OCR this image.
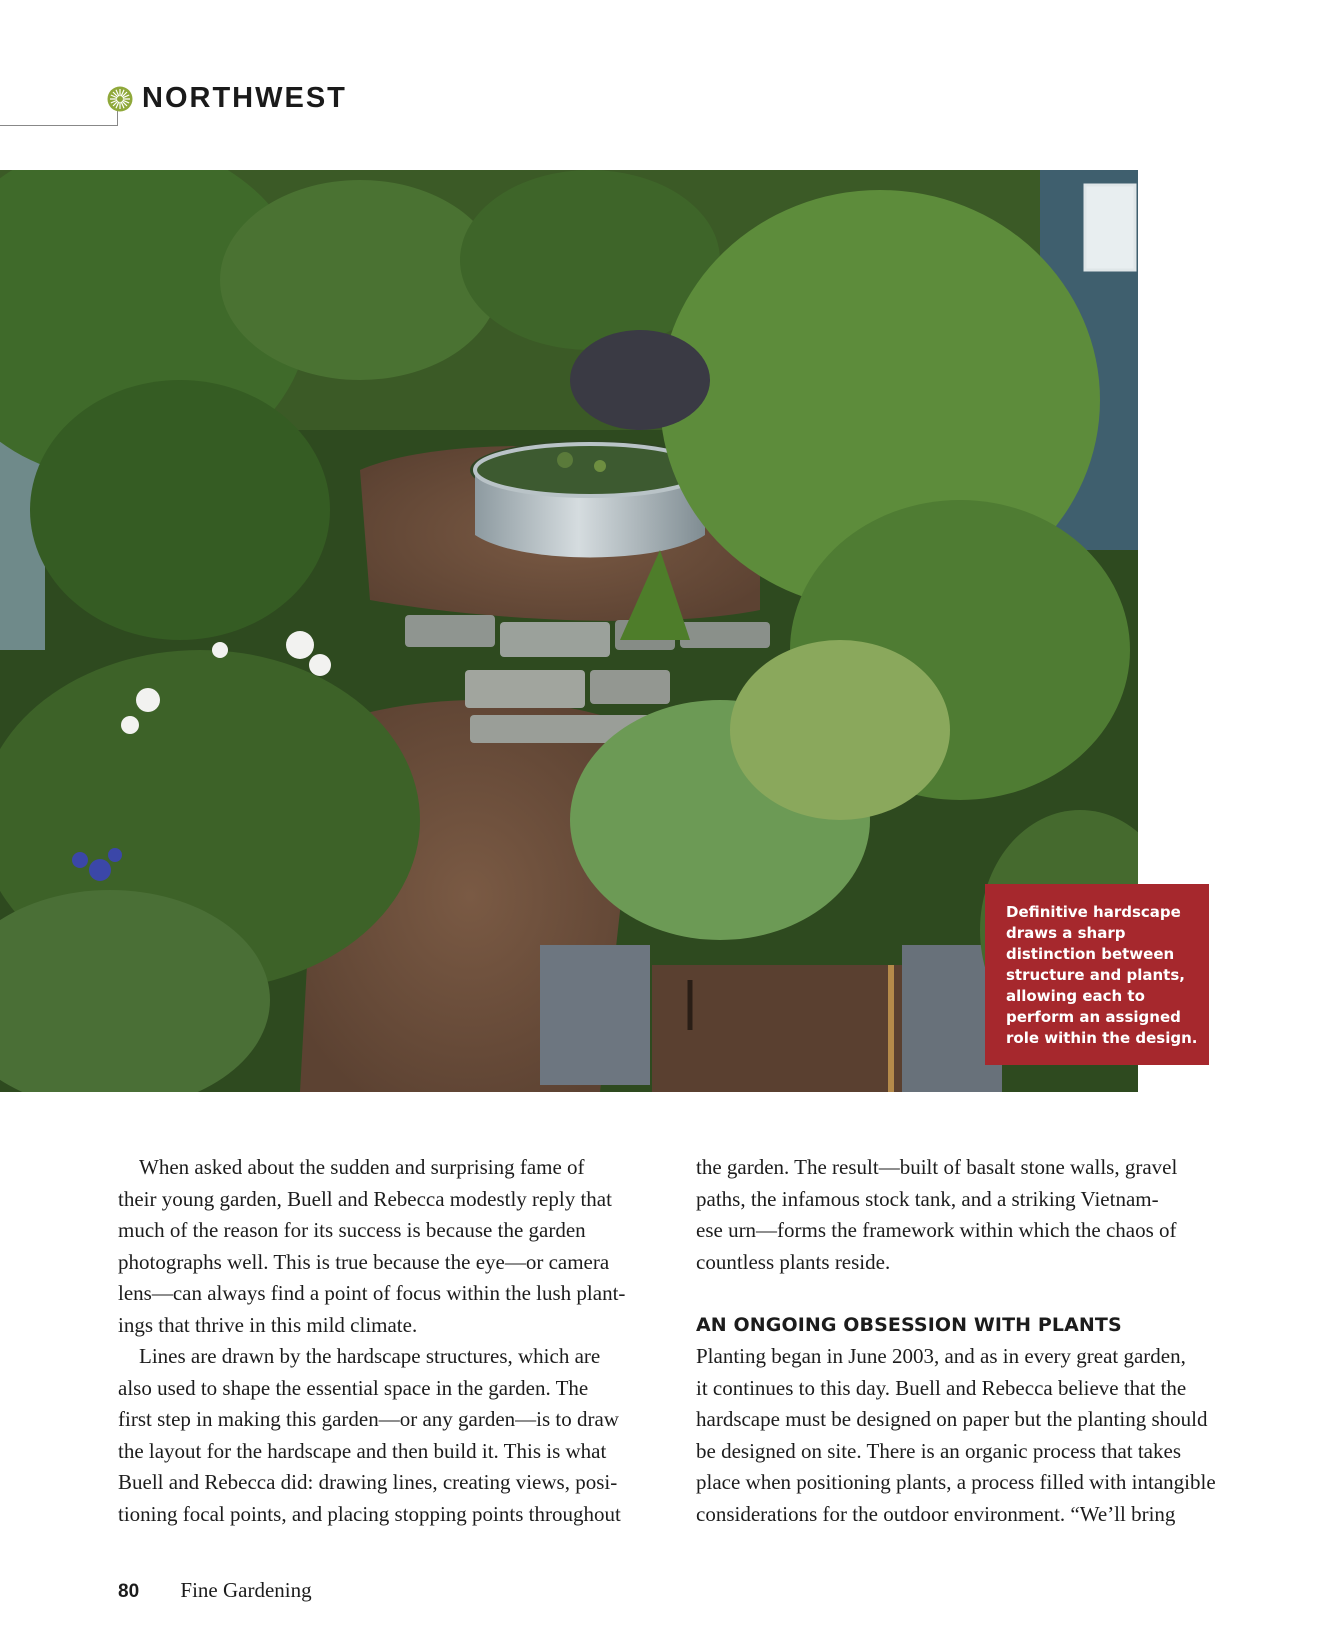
NORTHWEST

Definitive hardscape
draws a sharp
distinction between
structure and plants,
allowing each to
perform an assigned
role within the design.

 When asked about the sudden and surprising fame of
their young garden, Buell and Rebecca modestly reply that
much of the reason for its success is because the garden
photographs well. This is true because the eye—or camera
lens—can always find a point of focus within the lush plant-
ings that thrive in this mild climate.
 Lines are drawn by the hardscape structures, which are
also used to shape the essential space in the garden. The
first step in making this garden—or any garden—is to draw
the layout for the hardscape and then build it. This is what
Buell and Rebecca did: drawing lines, creating views, posi-
tioning focal points, and placing stopping points throughout
the garden. The result—built of basalt stone walls, gravel
paths, the infamous stock tank, and a striking Vietnam-
ese urn—forms the framework within which the chaos of
countless plants reside.
AN ONGOING OBSESSION WITH PLANTS
Planting began in June 2003, and as in every great garden,
it continues to this day. Buell and Rebecca believe that the
hardscape must be designed on paper but the planting should
be designed on site. There is an organic process that takes
place when positioning plants, a process filled with intangible
considerations for the outdoor environment. “We’ll bring
80 Fine Gardening
